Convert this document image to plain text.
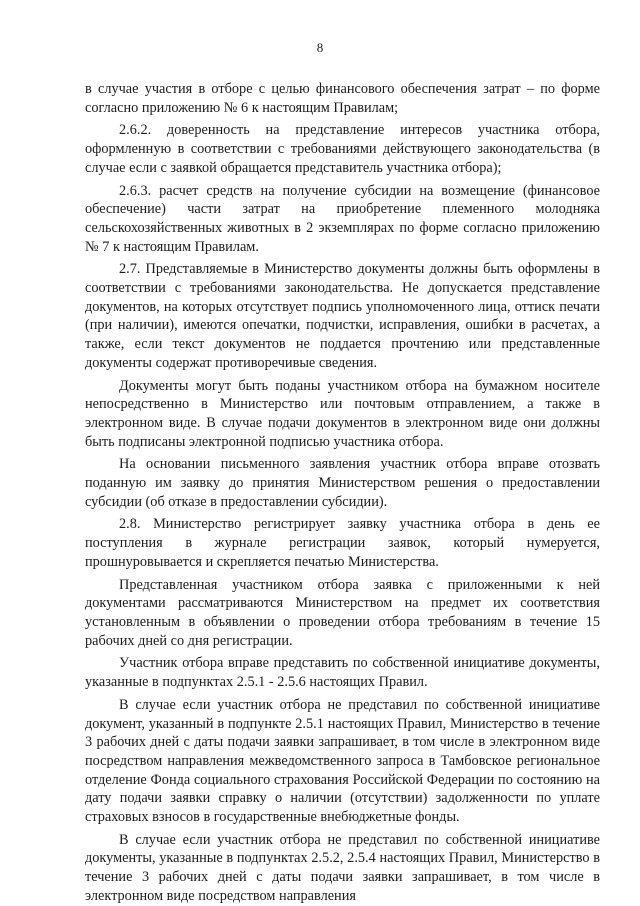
8

в случае участия в отборе с целью финансового обеспечения затрат – по форме согласно приложению № 6 к настоящим Правилам;

2.6.2. доверенность на представление интересов участника отбора, оформленную в соответствии с требованиями действующего законодательства (в случае если с заявкой обращается представитель участника отбора);

2.6.3. расчет средств на получение субсидии на возмещение (финансовое обеспечение) части затрат на приобретение племенного молодняка сельскохозяйственных животных в 2 экземплярах по форме согласно приложению № 7 к настоящим Правилам.

2.7. Представляемые в Министерство документы должны быть оформлены в соответствии с требованиями законодательства. Не допускается представление документов, на которых отсутствует подпись уполномоченного лица, оттиск печати (при наличии), имеются опечатки, подчистки, исправления, ошибки в расчетах, а также, если текст документов не поддается прочтению или представленные документы содержат противоречивые сведения.

Документы могут быть поданы участником отбора на бумажном носителе непосредственно в Министерство или почтовым отправлением, а также в электронном виде. В случае подачи документов в электронном виде они должны быть подписаны электронной подписью участника отбора.

На основании письменного заявления участник отбора вправе отозвать поданную им заявку до принятия Министерством решения о предоставлении субсидии (об отказе в предоставлении субсидии).

2.8. Министерство регистрирует заявку участника отбора в день ее поступления в журнале регистрации заявок, который нумеруется, прошнуровывается и скрепляется печатью Министерства.

Представленная участником отбора заявка с приложенными к ней документами рассматриваются Министерством на предмет их соответствия установленным в объявлении о проведении отбора требованиям в течение 15 рабочих дней со дня регистрации.

Участник отбора вправе представить по собственной инициативе документы, указанные в подпунктах 2.5.1 - 2.5.6 настоящих Правил.

В случае если участник отбора не представил по собственной инициативе документ, указанный в подпункте 2.5.1 настоящих Правил, Министерство в течение 3 рабочих дней с даты подачи заявки запрашивает, в том числе в электронном виде посредством направления межведомственного запроса в Тамбовское региональное отделение Фонда социального страхования Российской Федерации по состоянию на дату подачи заявки справку о наличии (отсутствии) задолженности по уплате страховых взносов в государственные внебюджетные фонды.

В случае если участник отбора не представил по собственной инициативе документы, указанные в подпунктах 2.5.2, 2.5.4 настоящих Правил, Министерство в течение 3 рабочих дней с даты подачи заявки запрашивает, в том числе в электронном виде посредством направления
